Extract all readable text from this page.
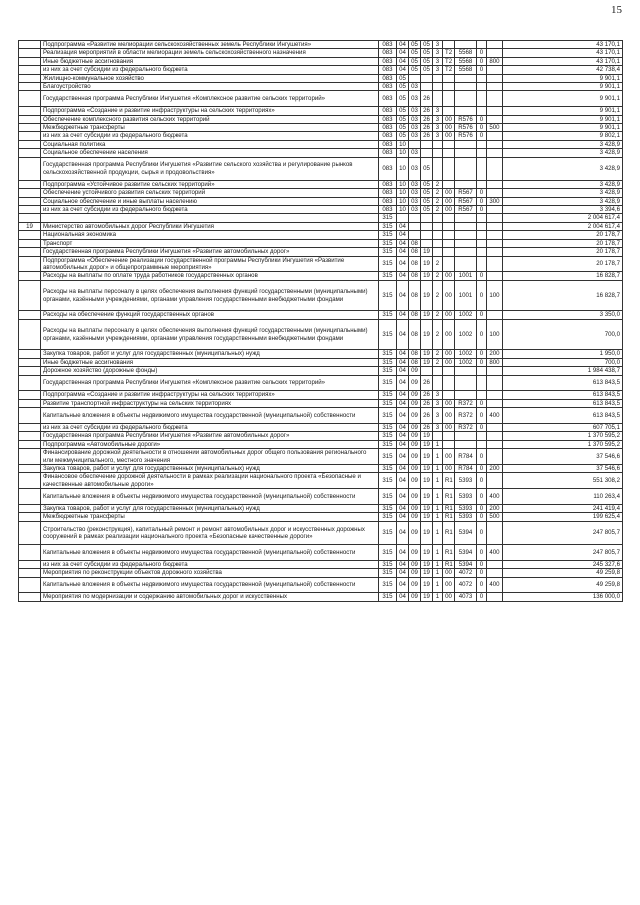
15
	Подпрограмма «Развитие мелиорации сельскохозяйственных земель Республики Ингушетия»	083	04	05	05	3					43 170,1
	Реализация мероприятий в области мелиорации земель сельскохозяйственного назначения	083	04	05	05	3	T2	5568	0		43 170,1
	Иные бюджетные ассигнования	083	04	05	05	3	T2	5568	0	800	43 170,1
	из них за счет субсидии из федерального бюджета	083	04	05	05	3	T2	5568	0		42 738,4
	Жилищно-коммунальное хозяйство	083	05								9 901,1
	Благоустройство	083	05	03							9 901,1
	Государственная программа Республики Ингушетия «Комплексное развитие сельских территорий»	083	05	03	26						9 901,1
	Подпрограмма «Создание и развитие инфраструктуры на сельских территориях»	083	05	03	26	3					9 901,1
	Обеспечение комплексного развития сельских территорий	083	05	03	26	3	00	R576	0		9 901,1
	Межбюджетные трансферты	083	05	03	26	3	00	R576	0	500	9 901,1
	из них за счет субсидии из федерального бюджета	083	05	03	26	3	00	R576	0		9 802,1
	Социальная политика	083	10								3 428,9
	Социальное обеспечение населения	083	10	03							3 428,9
	Государственная программа Республики Ингушетия «Развитие сельского хозяйства и регулирование рынков сельскохозяйственной продукции, сырья и продовольствия»	083	10	03	05						3 428,9
	Подпрограмма «Устойчивое развитие сельских территорий»	083	10	03	05	2					3 428,9
	Обеспечение устойчивого развития сельских территорий	083	10	03	05	2	00	R567	0		3 428,9
	Социальное обеспечение и иные выплаты населению	083	10	03	05	2	00	R567	0	300	3 428,9
	из них за счет субсидии из федерального бюджета	083	10	03	05	2	00	R567	0		3 394,6
		315									2 004 617,4
19	Министерство автомобильных дорог Республики Ингушетия	315	04								2 004 617,4
	Национальная экономика	315	04								20 178,7
	Транспорт	315	04	08							20 178,7
	Государственная программа Республики Ингушетия «Развитие автомобильных дорог»	315	04	08	19						20 178,7
	Подпрограмма «Обеспечение реализации государственной программы Республики Ингушетия «Развитие автомобильных дорог» и общепрограммные мероприятия»	315	04	08	19	2					20 178,7
	Расходы на выплаты по оплате труда работников государственных органов	315	04	08	19	2	00	1001	0		16 828,7
	Расходы на выплаты персоналу в целях обеспечения выполнения функций государственными (муниципальными) органами, казёнными учреждениями, органами управления государственными внебюджетными фондами	315	04	08	19	2	00	1001	0	100	16 828,7
	Расходы на обеспечение функций государственных органов	315	04	08	19	2	00	1002	0		3 350,0
	Расходы на выплаты персоналу в целях обеспечения выполнения функций государственными (муниципальными) органами, казёнными учреждениями, органами управления государственными внебюджетными фондами	315	04	08	19	2	00	1002	0	100	700,0
	Закупка товаров, работ и услуг для государственных (муниципальных) нужд	315	04	08	19	2	00	1002	0	200	1 950,0
	Иные бюджетные ассигнования	315	04	08	19	2	00	1002	0	800	700,0
	Дорожное хозяйство (дорожные фонды)	315	04	09							1 984 438,7
	Государственная программа Республики Ингушетия «Комплексное развитие сельских территорий»	315	04	09	26						613 843,5
	Подпрограмма «Создание и развитие инфраструктуры на сельских территориях»	315	04	09	26	3					613 843,5
	Развитие транспортной инфраструктуры на сельских территориях	315	04	09	26	3	00	R372	0		613 843,5
	Капитальные вложения в объекты недвижимого имущества государственной (муниципальной) собственности	315	04	09	26	3	00	R372	0	400	613 843,5
	из них за счет субсидии из федерального бюджета	315	04	09	26	3	00	R372	0		607 705,1
	Государственная программа Республики Ингушетия «Развитие автомобильных дорог»	315	04	09	19						1 370 595,2
	Подпрограмма «Автомобильные дороги»	315	04	09	19	1					1 370 595,2
	Финансирование дорожной деятельности в отношении автомобильных дорог общего пользования регионального или межмуниципального, местного значения	315	04	09	19	1	00	R784	0		37 546,6
	Закупка товаров, работ и услуг для государственных (муниципальных) нужд	315	04	09	19	1	00	R784	0	200	37 546,6
	Финансовое обеспечение дорожной деятельности в рамках реализации национального проекта «Безопасные и качественные автомобильные дороги»	315	04	09	19	1	R1	5393	0		551 308,2
	Капитальные вложения в объекты недвижимого имущества государственной (муниципальной) собственности	315	04	09	19	1	R1	5393	0	400	110 263,4
	Закупка товаров, работ и услуг для государственных (муниципальных) нужд	315	04	09	19	1	R1	5393	0	200	241 419,4
	Межбюджетные трансферты	315	04	09	19	1	R1	5393	0	500	199 625,4
	Строительство (реконструкция), капитальный ремонт и ремонт автомобильных дорог и искусственных дорожных сооружений в рамках реализации национального проекта «Безопасные качественные дороги»	315	04	09	19	1	R1	5394	0		247 805,7
	Капитальные вложения в объекты недвижимого имущества государственной (муниципальной) собственности	315	04	09	19	1	R1	5394	0	400	247 805,7
	из них за счет субсидии из федерального бюджета	315	04	09	19	1	R1	5394	0		245 327,6
	Мероприятия по реконструкции объектов дорожного хозяйства	315	04	09	19	1	00	4072	0		49 259,8
	Капитальные вложения в объекты недвижимого имущества государственной (муниципальной) собственности	315	04	09	19	1	00	4072	0	400	49 259,8
	Мероприятия по модернизации и содержанию автомобильных дорог и искусственных	315	04	09	19	1	00	4073	0		136 000,0
